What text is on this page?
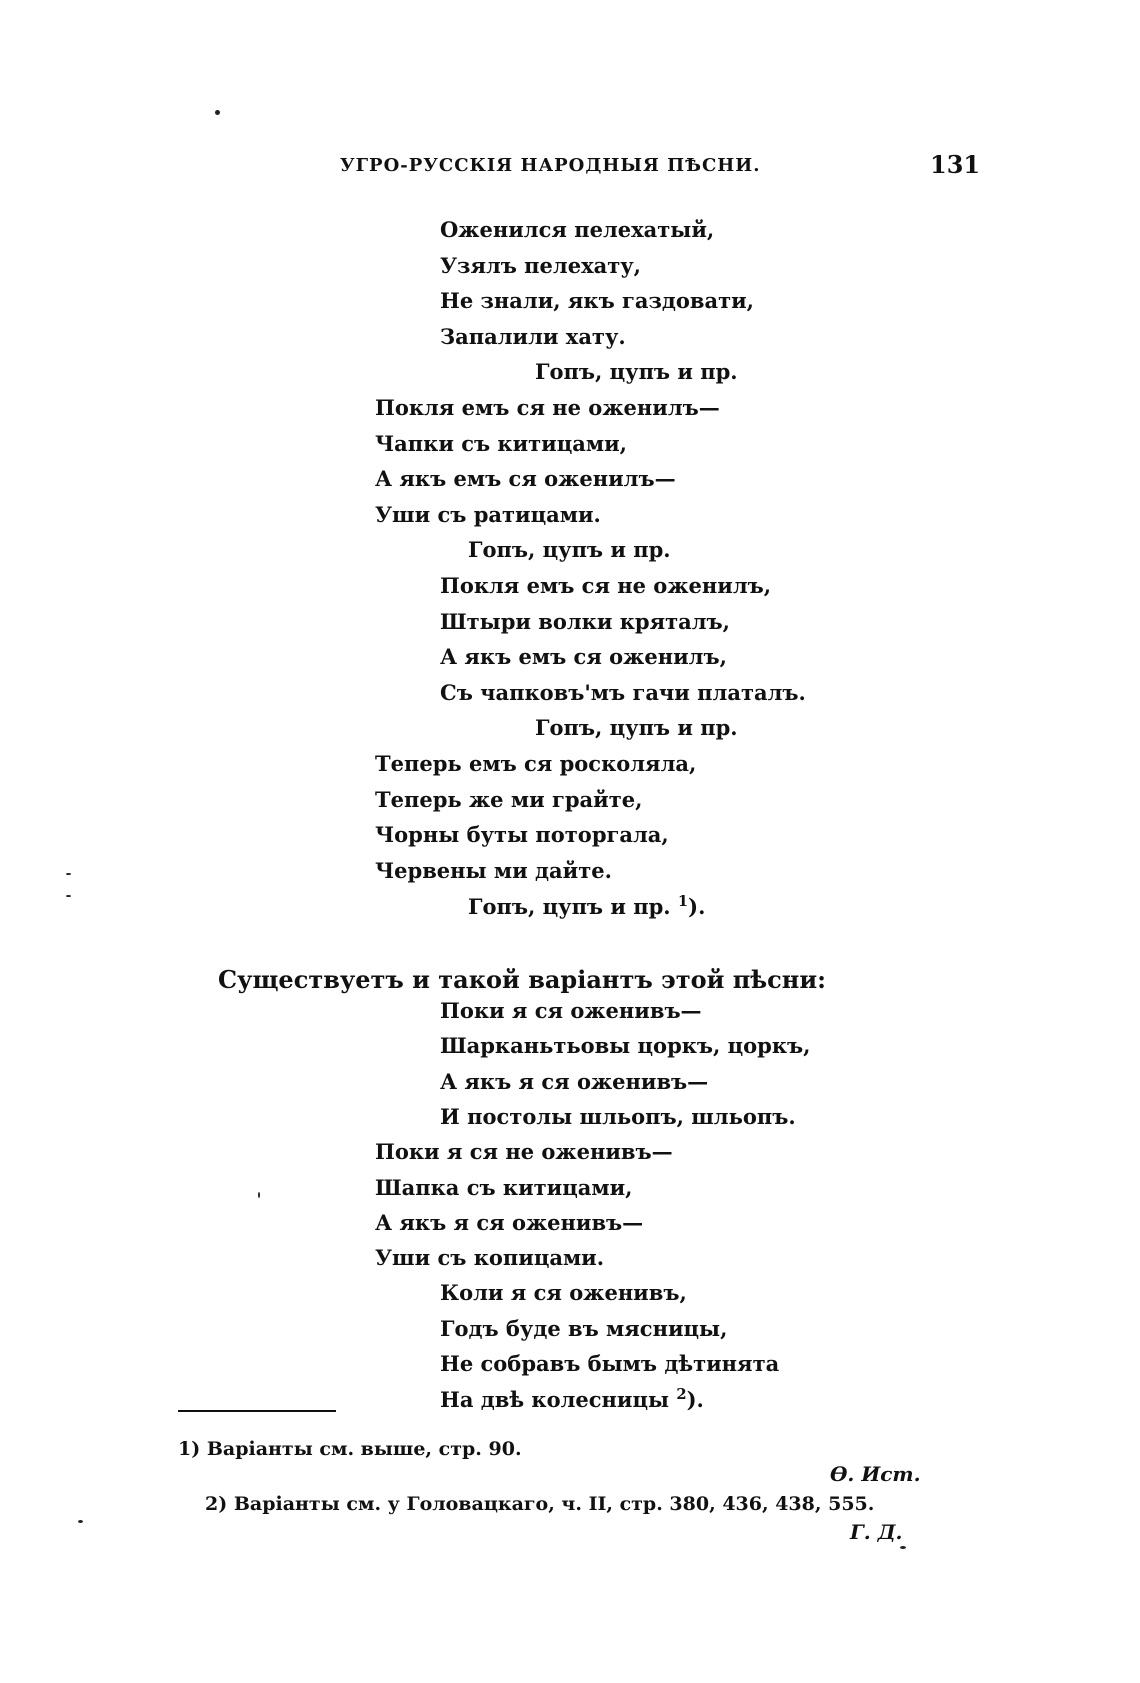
УГРО-РУССКІЯ НАРОДНЫЯ ПѢСНИ.	131
Оженился пелехатый,
Узялъ пелехату,
Не знали, якъ газдовати,
Запалили хату.
Гопъ, цупъ и пр.
Покля емъ ся не оженилъ—
Чапки съ китицами,
А якъ емъ ся оженилъ—
Уши съ ратицами.
Гопъ, цупъ и пр.
Покля емъ ся не оженилъ,
Штыри волки кряталъ,
А якъ емъ ся оженилъ,
Съ чапковъ'мъ гачи платалъ.
Гопъ, цупъ и пр.
Теперь емъ ся росколяла,
Теперь же ми грайте,
Чорны буты поторгала,
Червены ми дайте.
Гопъ, цупъ и пр. $^1$).
Существуетъ и такой варіантъ этой пѣсни:
Поки я ся оженивъ—
Шарканьтьовы цоркъ, цоркъ,
А якъ я ся оженивъ—
И постолы шльопъ, шльопъ.
Поки я ся не оженивъ—
Шапка съ китицами,
А якъ я ся оженивъ—
Уши съ копицами.
Коли я ся оженивъ,
Годъ буде въ мясницы,
Не собравъ бымъ дѣтинята
На двѣ колесницы $^2$).
1) Варіанты см. выше, стр. 90.
Ѳ. Ист.
2) Варіанты см. у Головацкаго, ч. II, стр. 380, 436, 438, 555.
Г. Д.
